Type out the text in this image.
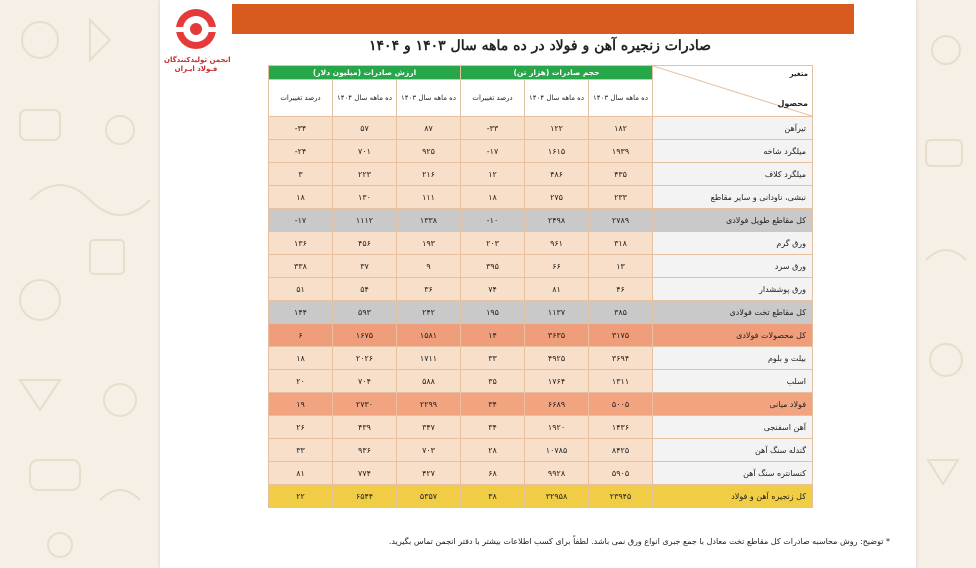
انجمن تولیدکنندگان
فـولاد ایـران
صادرات زنجیره آهن و فولاد در ده ماهه سال ۱۴۰۳ و ۱۴۰۴
ارزش صادرات (میلیون دلار)			حجم صادرات (هزار تن)			متغیر
محصول

درصد تغییرات	ده ماهه سال ۱۴۰۴	ده ماهه سال ۱۴۰۳	درصد تغییرات	ده ماهه سال ۱۴۰۴	ده ماهه سال ۱۴۰۳	
-۳۴	۵۷	۸۷	-۳۳	۱۲۲	۱۸۲	تیرآهن
-۲۴	۷۰۱	۹۲۵	-۱۷	۱۶۱۵	۱۹۳۹	میلگرد شاخه
۳	۲۲۳	۲۱۶	۱۲	۴۸۶	۴۳۵	میلگرد کلاف
۱۸	۱۳۰	۱۱۱	۱۸	۲۷۵	۲۳۳	نبشی، ناودانی و سایر مقاطع
-۱۷	۱۱۱۲	۱۳۳۸	-۱۰	۲۴۹۸	۲۷۸۹	کل مقاطع طویل فولادی
۱۳۶	۴۵۶	۱۹۳	۲۰۳	۹۶۱	۳۱۸	ورق گرم
۳۳۸	۳۷	۹	۳۹۵	۶۶	۱۳	ورق سرد
۵۱	۵۴	۳۶	۷۴	۸۱	۴۶	ورق پوششدار
۱۴۴	۵۹۳	۲۴۲	۱۹۵	۱۱۳۷	۳۸۵	کل مقاطع تخت فولادی
۶	۱۶۷۵	۱۵۸۱	۱۴	۳۶۳۵	۳۱۷۵	کل محصولات فولادی
۱۸	۲۰۲۶	۱۷۱۱	۳۳	۴۹۲۵	۳۶۹۴	بیلت و بلوم
۲۰	۷۰۴	۵۸۸	۳۵	۱۷۶۴	۱۳۱۱	اسلب
۱۹	۲۷۳۰	۲۲۹۹	۳۴	۶۶۸۹	۵۰۰۵	فولاد میانی
۲۶	۴۳۹	۳۴۷	۳۴	۱۹۲۰	۱۴۳۶	آهن اسفنجی
۳۳	۹۳۶	۷۰۳	۲۸	۱۰۷۸۵	۸۴۲۵	گندله سنگ آهن
۸۱	۷۷۴	۴۲۷	۶۸	۹۹۲۸	۵۹۰۵	کنسانتره سنگ آهن
۲۲	۶۵۴۴	۵۳۵۷	۳۸	۳۲۹۵۸	۲۳۹۴۵	کل زنجیره آهن و فولاد
* توضیح: روش محاسبه صادرات کل مقاطع تخت معادل با جمع جبری انواع ورق نمی باشد. لطفاً برای کسب اطلاعات بیشتر با دفتر انجمن تماس بگیرید.
